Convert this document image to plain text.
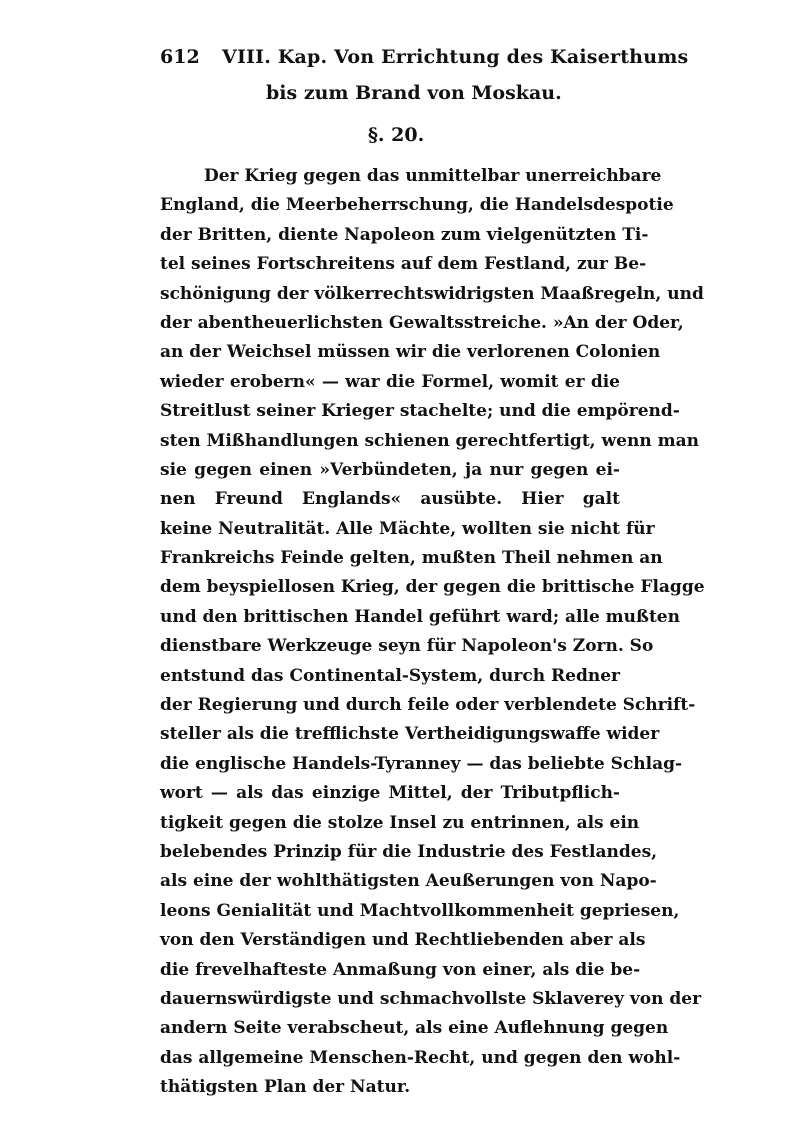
612 VIII. Kap. Von Errichtung des Kaiserthums
bis zum Brand von Moskau.
§. 20.
Der Krieg gegen das unmittelbar unerreichbare
England, die Meerbeherrschung, die Handelsdespotie
der Britten, diente Napoleon zum vielgenützten Ti-
tel seines Fortschreitens auf dem Festland, zur Be-
schönigung der völkerrechtswidrigsten Maaßregeln, und
der abentheuerlichsten Gewaltsstreiche. »An der Oder,
an der Weichsel müssen wir die verlorenen Colonien
wieder erobern« — war die Formel, womit er die
Streitlust seiner Krieger stachelte; und die empörend-
sten Mißhandlungen schienen gerechtfertigt, wenn man
sie gegen einen »Verbündeten, ja nur gegen ei-
nen Freund Englands« ausübte. Hier galt
keine Neutralität. Alle Mächte, wollten sie nicht für
Frankreichs Feinde gelten, mußten Theil nehmen an
dem beyspiellosen Krieg, der gegen die brittische Flagge
und den brittischen Handel geführt ward; alle mußten
dienstbare Werkzeuge seyn für Napoleon's Zorn. So
entstund das Continental-System, durch Redner
der Regierung und durch feile oder verblendete Schrift-
steller als die trefflichste Vertheidigungswaffe wider
die englische Handels-Tyranney — das beliebte Schlag-
wort — als das einzige Mittel, der Tributpflich-
tigkeit gegen die stolze Insel zu entrinnen, als ein
belebendes Prinzip für die Industrie des Festlandes,
als eine der wohlthätigsten Aeußerungen von Napo-
leons Genialität und Machtvollkommenheit gepriesen,
von den Verständigen und Rechtliebenden aber als
die frevelhafteste Anmaßung von einer, als die be-
dauernswürdigste und schmachvollste Sklaverey von der
andern Seite verabscheut, als eine Auflehnung gegen
das allgemeine Menschen-Recht, und gegen den wohl-
thätigsten Plan der Natur.
